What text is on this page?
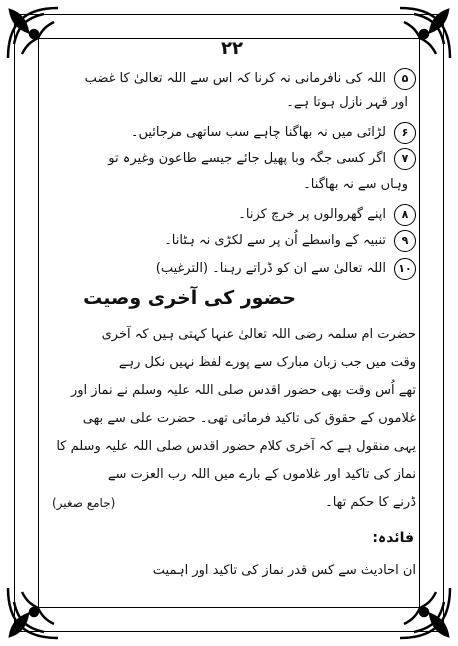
۲۲
۵
اللہ کی نافرمانی نہ کرنا کہ اس سے اللہ تعالیٰ کا غضب
اور قہر نازل ہوتا ہے۔
۶
لڑائی میں نہ بھاگنا چاہے سب ساتھی مرجائیں۔
۷
اگر کسی جگہ وبا پھیل جائے جیسے طاعون وغیرہ تو
وہاں سے نہ بھاگنا۔
۸
اپنے گھروالوں پر خرچ کرنا۔
۹
تنبیہ کے واسطے اُن پر سے لکڑی نہ ہٹانا۔
۱۰
اللہ تعالیٰ سے ان کو ڈراتے رہنا۔ (الترغیب)
حضور کی آخری وصیت
حضرت ام سلمہ رضی اللہ تعالیٰ عنہا کہتی ہیں کہ آخری
وقت میں جب زبان مبارک سے پورے لفظ نہیں نکل رہے
تھے اُس وقت بھی حضور اقدس صلی اللہ علیہ وسلم نے نماز اور
غلاموں کے حقوق کی تاکید فرمائی تھی۔ حضرت علی سے بھی
یہی منقول ہے کہ آخری کلام حضور اقدس صلی اللہ علیہ وسلم کا
نماز کی تاکید اور غلاموں کے بارے میں اللہ رب العزت سے
ڈرنے کا حکم تھا۔
(جامع صغیر)
فائدہ:
ان احادیث سے کس قدر نماز کی تاکید اور اہمیت
